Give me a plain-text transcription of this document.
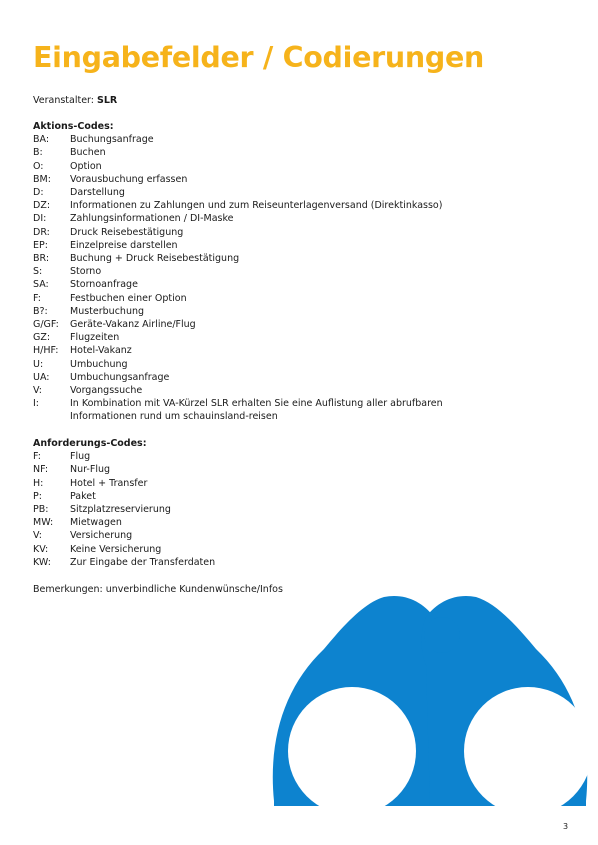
Eingabefelder / Codierungen
Veranstalter: SLR
Aktions-Codes:
BA:	Buchungsanfrage
B:	Buchen
O:	Option
BM:	Vorausbuchung erfassen
D:	Darstellung
DZ:	Informationen zu Zahlungen und zum Reiseunterlagenversand (Direktinkasso)
DI:	Zahlungsinformationen / DI-Maske
DR:	Druck Reisebestätigung
EP:	Einzelpreise darstellen
BR:	Buchung + Druck Reisebestätigung
S:	Storno
SA:	Stornoanfrage
F:	Festbuchen einer Option
B?:	Musterbuchung
G/GF:	Geräte-Vakanz Airline/Flug
GZ:	Flugzeiten
H/HF:	Hotel-Vakanz
U:	Umbuchung
UA:	Umbuchungsanfrage
V:	Vorgangssuche
I:	In Kombination mit VA-Kürzel SLR erhalten Sie eine Auflistung aller abrufbaren Informationen rund um schauinsland-reisen
Anforderungs-Codes:
F:	Flug
NF:	Nur-Flug
H:	Hotel + Transfer
P:	Paket
PB:	Sitzplatzreservierung
MW:	Mietwagen
V:	Versicherung
KV:	Keine Versicherung
KW:	Zur Eingabe der Transferdaten
Bemerkungen: unverbindliche Kundenwünsche/Infos
3
